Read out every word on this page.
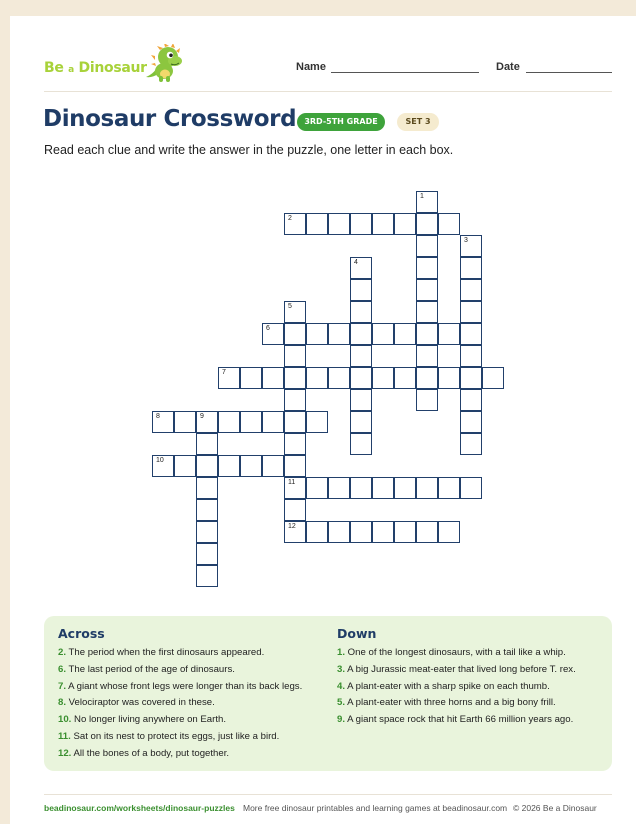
Be a Dinosaur	Name	Date
Dinosaur Crossword	3RD-5TH GRADE	SET 3
Read each clue and write the answer in the puzzle, one letter in each box.
1
2
3
4
5
11
6
7
8	9
10
12
Across
2. The period when the first dinosaurs appeared.
6. The last period of the age of dinosaurs.
7. A giant whose front legs were longer than its back legs.
8. Velociraptor was covered in these.
10. No longer living anywhere on Earth.
11. Sat on its nest to protect its eggs, just like a bird.
12. All the bones of a body, put together.
Down
1. One of the longest dinosaurs, with a tail like a whip.
3. A big Jurassic meat-eater that lived long before T. rex.
4. A plant-eater with a sharp spike on each thumb.
5. A plant-eater with three horns and a big bony frill.
9. A giant space rock that hit Earth 66 million years ago.
beadinosaur.com/worksheets/dinosaur-puzzles More free dinosaur printables and learning games at beadinosaur.com © 2026 Be a Dinosaur
